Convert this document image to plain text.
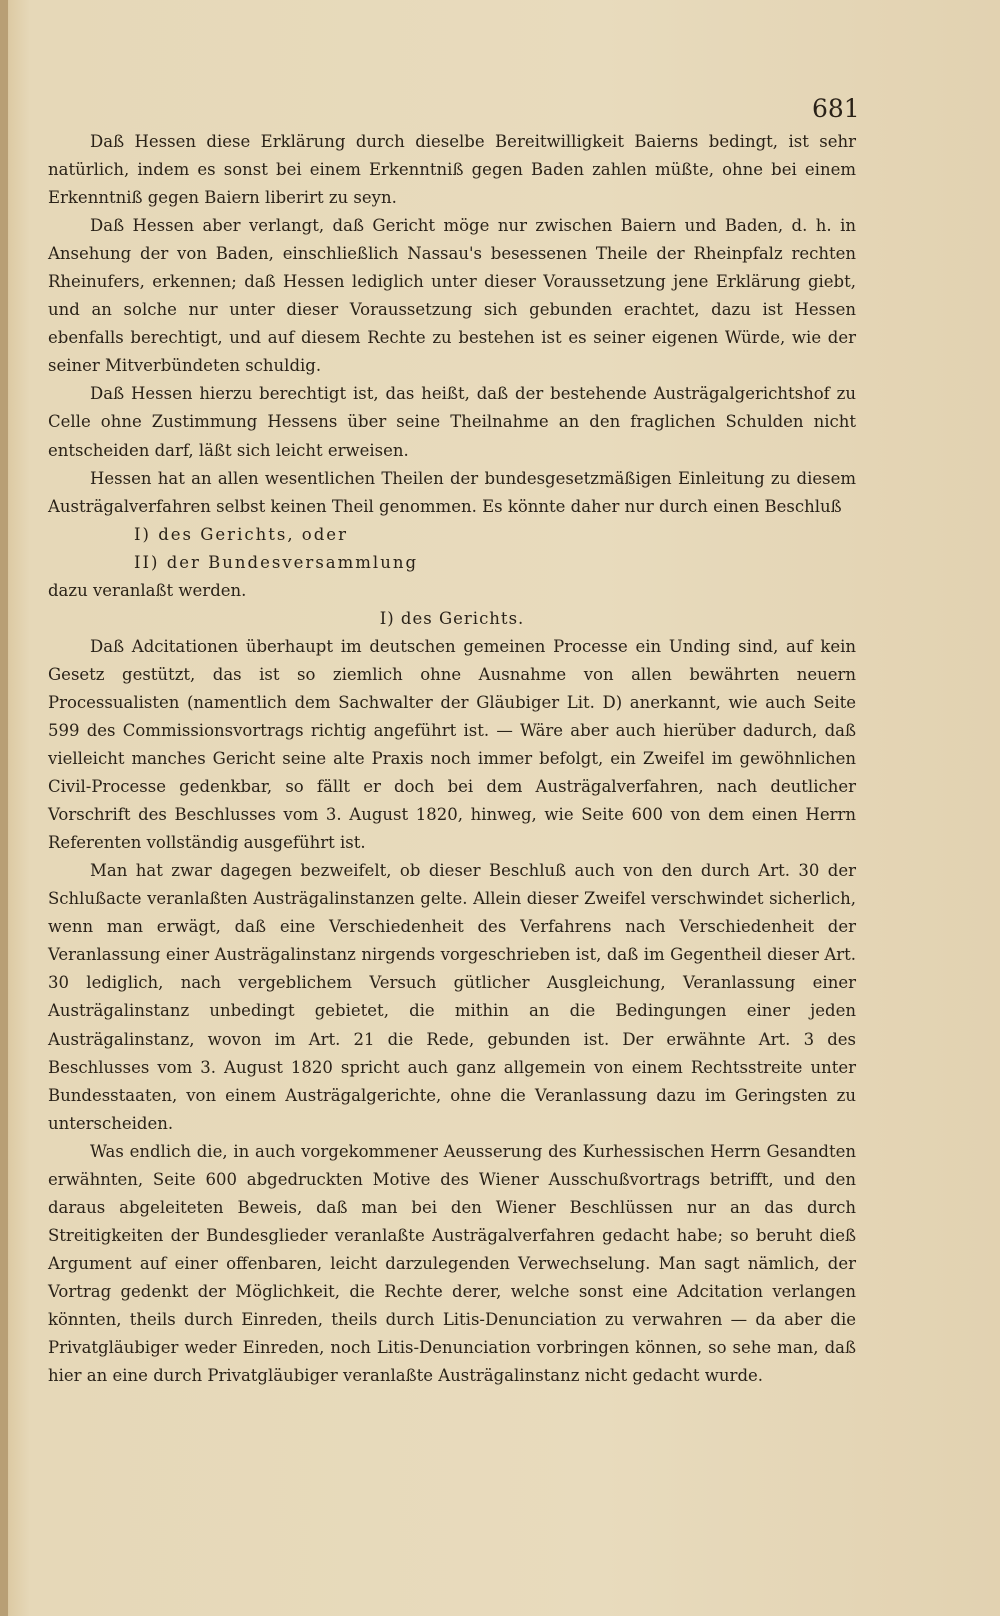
681

Daß Hessen diese Erklärung durch dieselbe Bereitwilligkeit Baierns bedingt, ist sehr natürlich, indem es sonst bei einem Erkenntniß gegen Baden zahlen müßte, ohne bei einem Erkenntniß gegen Baiern liberirt zu seyn.

Daß Hessen aber verlangt, daß Gericht möge nur zwischen Baiern und Baden, d. h. in Ansehung der von Baden, einschließlich Nassau's besessenen Theile der Rheinpfalz rechten Rheinufers, erkennen; daß Hessen lediglich unter dieser Voraussetzung jene Erklärung giebt, und an solche nur unter dieser Voraussetzung sich gebunden erachtet, dazu ist Hessen ebenfalls berechtigt, und auf diesem Rechte zu bestehen ist es seiner eigenen Würde, wie der seiner Mitverbündeten schuldig.

Daß Hessen hierzu berechtigt ist, das heißt, daß der bestehende Austrägalgerichtshof zu Celle ohne Zustimmung Hessens über seine Theilnahme an den fraglichen Schulden nicht entscheiden darf, läßt sich leicht erweisen.

Hessen hat an allen wesentlichen Theilen der bundesgesetzmäßigen Einleitung zu diesem Austrägalverfahren selbst keinen Theil genommen. Es könnte daher nur durch einen Beschluß

I) des Gerichts, oder

II) der Bundesversammlung

dazu veranlaßt werden.

I) des Gerichts.

Daß Adcitationen überhaupt im deutschen gemeinen Processe ein Unding sind, auf kein Gesetz gestützt, das ist so ziemlich ohne Ausnahme von allen bewährten neuern Processualisten (namentlich dem Sachwalter der Gläubiger Lit. D) anerkannt, wie auch Seite 599 des Commissionsvortrags richtig angeführt ist. — Wäre aber auch hierüber dadurch, daß vielleicht manches Gericht seine alte Praxis noch immer befolgt, ein Zweifel im gewöhnlichen Civil-Processe gedenkbar, so fällt er doch bei dem Austrägalverfahren, nach deutlicher Vorschrift des Beschlusses vom 3. August 1820, hinweg, wie Seite 600 von dem einen Herrn Referenten vollständig ausgeführt ist.

Man hat zwar dagegen bezweifelt, ob dieser Beschluß auch von den durch Art. 30 der Schlußacte veranlaßten Austrägalinstanzen gelte. Allein dieser Zweifel verschwindet sicherlich, wenn man erwägt, daß eine Verschiedenheit des Verfahrens nach Verschiedenheit der Veranlassung einer Austrägalinstanz nirgends vorgeschrieben ist, daß im Gegentheil dieser Art. 30 lediglich, nach vergeblichem Versuch gütlicher Ausgleichung, Veranlassung einer Austrägalinstanz unbedingt gebietet, die mithin an die Bedingungen einer jeden Austrägalinstanz, wovon im Art. 21 die Rede, gebunden ist. Der erwähnte Art. 3 des Beschlusses vom 3. August 1820 spricht auch ganz allgemein von einem Rechtsstreite unter Bundesstaaten, von einem Austrägalgerichte, ohne die Veranlassung dazu im Geringsten zu unterscheiden.

Was endlich die, in auch vorgekommener Aeusserung des Kurhessischen Herrn Gesandten erwähnten, Seite 600 abgedruckten Motive des Wiener Ausschußvortrags betrifft, und den daraus abgeleiteten Beweis, daß man bei den Wiener Beschlüssen nur an das durch Streitigkeiten der Bundesglieder veranlaßte Austrägalverfahren gedacht habe; so beruht dieß Argument auf einer offenbaren, leicht darzulegenden Verwechselung. Man sagt nämlich, der Vortrag gedenkt der Möglichkeit, die Rechte derer, welche sonst eine Adcitation verlangen könnten, theils durch Einreden, theils durch Litis-Denunciation zu verwahren — da aber die Privatgläubiger weder Einreden, noch Litis-Denunciation vorbringen können, so sehe man, daß hier an eine durch Privatgläubiger veranlaßte Austrägalinstanz nicht gedacht wurde.
